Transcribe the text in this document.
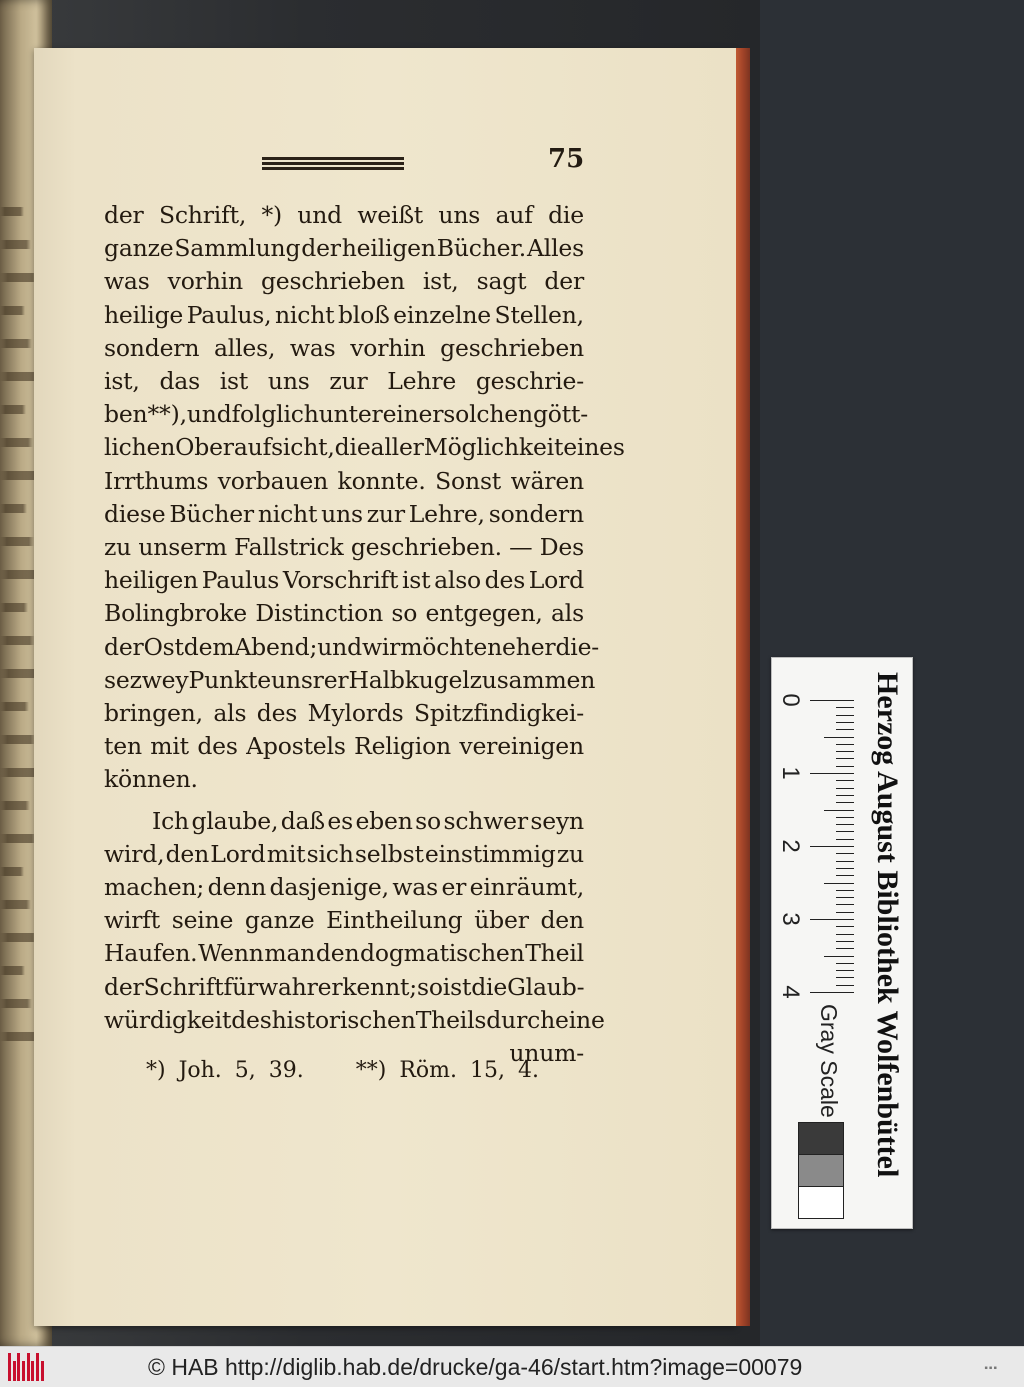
75
der Schrift, *) und weißt uns auf die
ganze Sammlung der heiligen Bücher. Alles
was vorhin geschrieben ist, sagt der
heilige Paulus, nicht bloß einzelne Stellen,
sondern alles, was vorhin geschrieben
ist, das ist uns zur Lehre geschrie-
ben **), und folglich unter einer solchen gött-
lichen Oberaufsicht, die aller Möglichkeit eines
Irrthums vorbauen konnte. Sonst wären
diese Bücher nicht uns zur Lehre, sondern
zu unserm Fallstrick geschrieben. — Des
heiligen Paulus Vorschrift ist also des Lord
Bolingbroke Distinction so entgegen, als
der Ost dem Abend; und wir möchten eher die-
se zwey Punkte unsrer Halbkugel zusammen
bringen, als des Mylords Spitzfindigkei-
ten mit des Apostels Religion vereinigen
können.
Ich glaube, daß es eben so schwer seyn
wird, den Lord mit sich selbst einstimmig zu
machen; denn dasjenige, was er einräumt,
wirft seine ganze Eintheilung über den
Haufen. Wenn man den dogmatischen Theil
der Schrift für wahr erkennt; so ist die Glaub-
würdigkeit des historischen Theils durch eine
unum-
*) Joh. 5, 39. **) Röm. 15, 4.
0
1
2
3
4 Herzog August Bibliothek Wolfenbüttel
Gray Scale
© HAB http://diglib.hab.de/drucke/ga-46/start.htm?image=00079	▪▪▪
